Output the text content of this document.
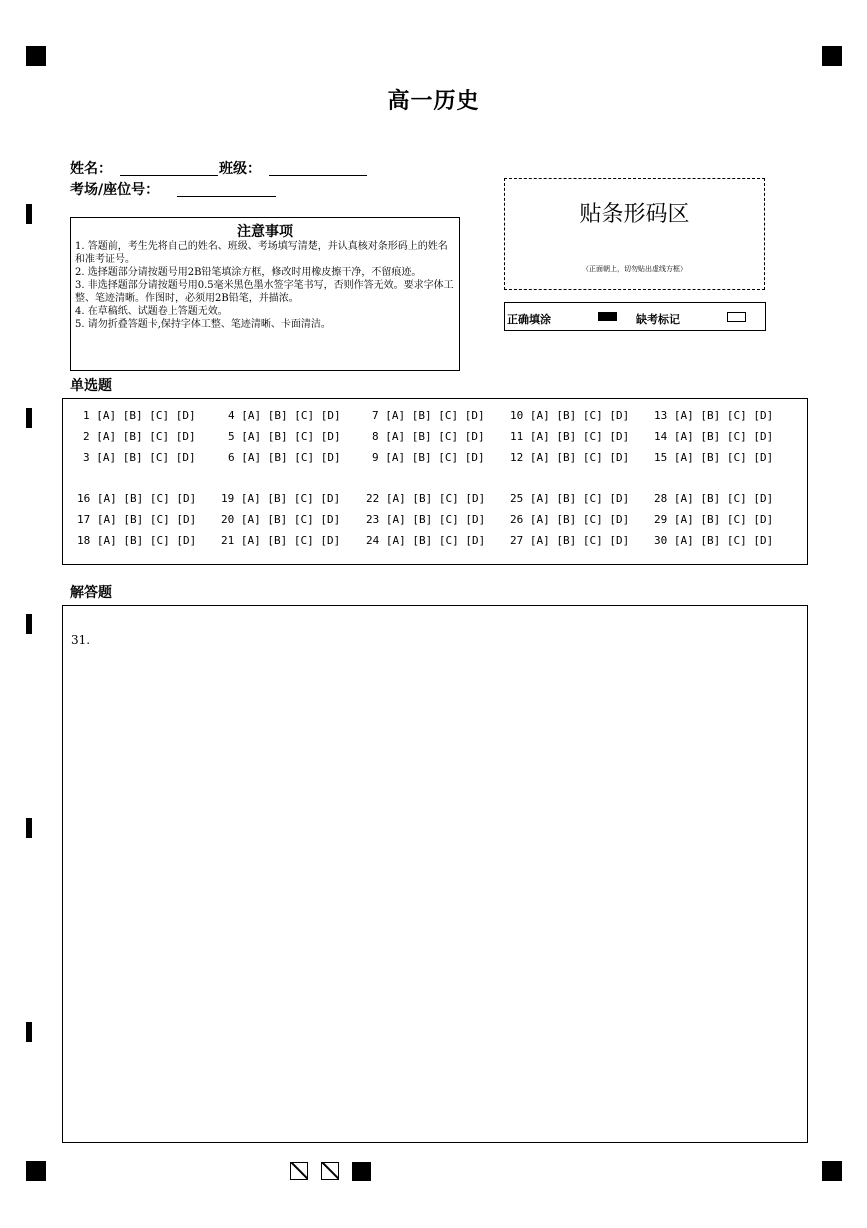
高一历史
姓名：	班级：
考场/座位号：
注意事项
1. 答题前，考生先将自己的姓名、班级、考场填写清楚，并认真核对条形码上的姓名和准考证号。
2. 选择题部分请按题号用2B铅笔填涂方框，修改时用橡皮擦干净，不留痕迹。
3. 非选择题部分请按题号用0.5毫米黑色墨水签字笔书写，否则作答无效。要求字体工整、笔迹清晰。作图时，必须用2B铅笔，并描浓。
4. 在草稿纸、试题卷上答题无效。
5. 请勿折叠答题卡,保持字体工整、笔迹清晰、卡面清洁。
贴条形码区
（正面朝上，切勿贴出虚线方框）
正确填涂	缺考标记
单选题
1 [A] [B] [C] [D]
2 [A] [B] [C] [D]
3 [A] [B] [C] [D]
4 [A] [B] [C] [D]
5 [A] [B] [C] [D]
6 [A] [B] [C] [D]
7 [A] [B] [C] [D]
8 [A] [B] [C] [D]
9 [A] [B] [C] [D]
10 [A] [B] [C] [D]
11 [A] [B] [C] [D]
12 [A] [B] [C] [D]
13 [A] [B] [C] [D]
14 [A] [B] [C] [D]
15 [A] [B] [C] [D]
16 [A] [B] [C] [D]
17 [A] [B] [C] [D]
18 [A] [B] [C] [D]
19 [A] [B] [C] [D]
20 [A] [B] [C] [D]
21 [A] [B] [C] [D]
22 [A] [B] [C] [D]
23 [A] [B] [C] [D]
24 [A] [B] [C] [D]
25 [A] [B] [C] [D]
26 [A] [B] [C] [D]
27 [A] [B] [C] [D]
28 [A] [B] [C] [D]
29 [A] [B] [C] [D]
30 [A] [B] [C] [D]
解答题
31.
